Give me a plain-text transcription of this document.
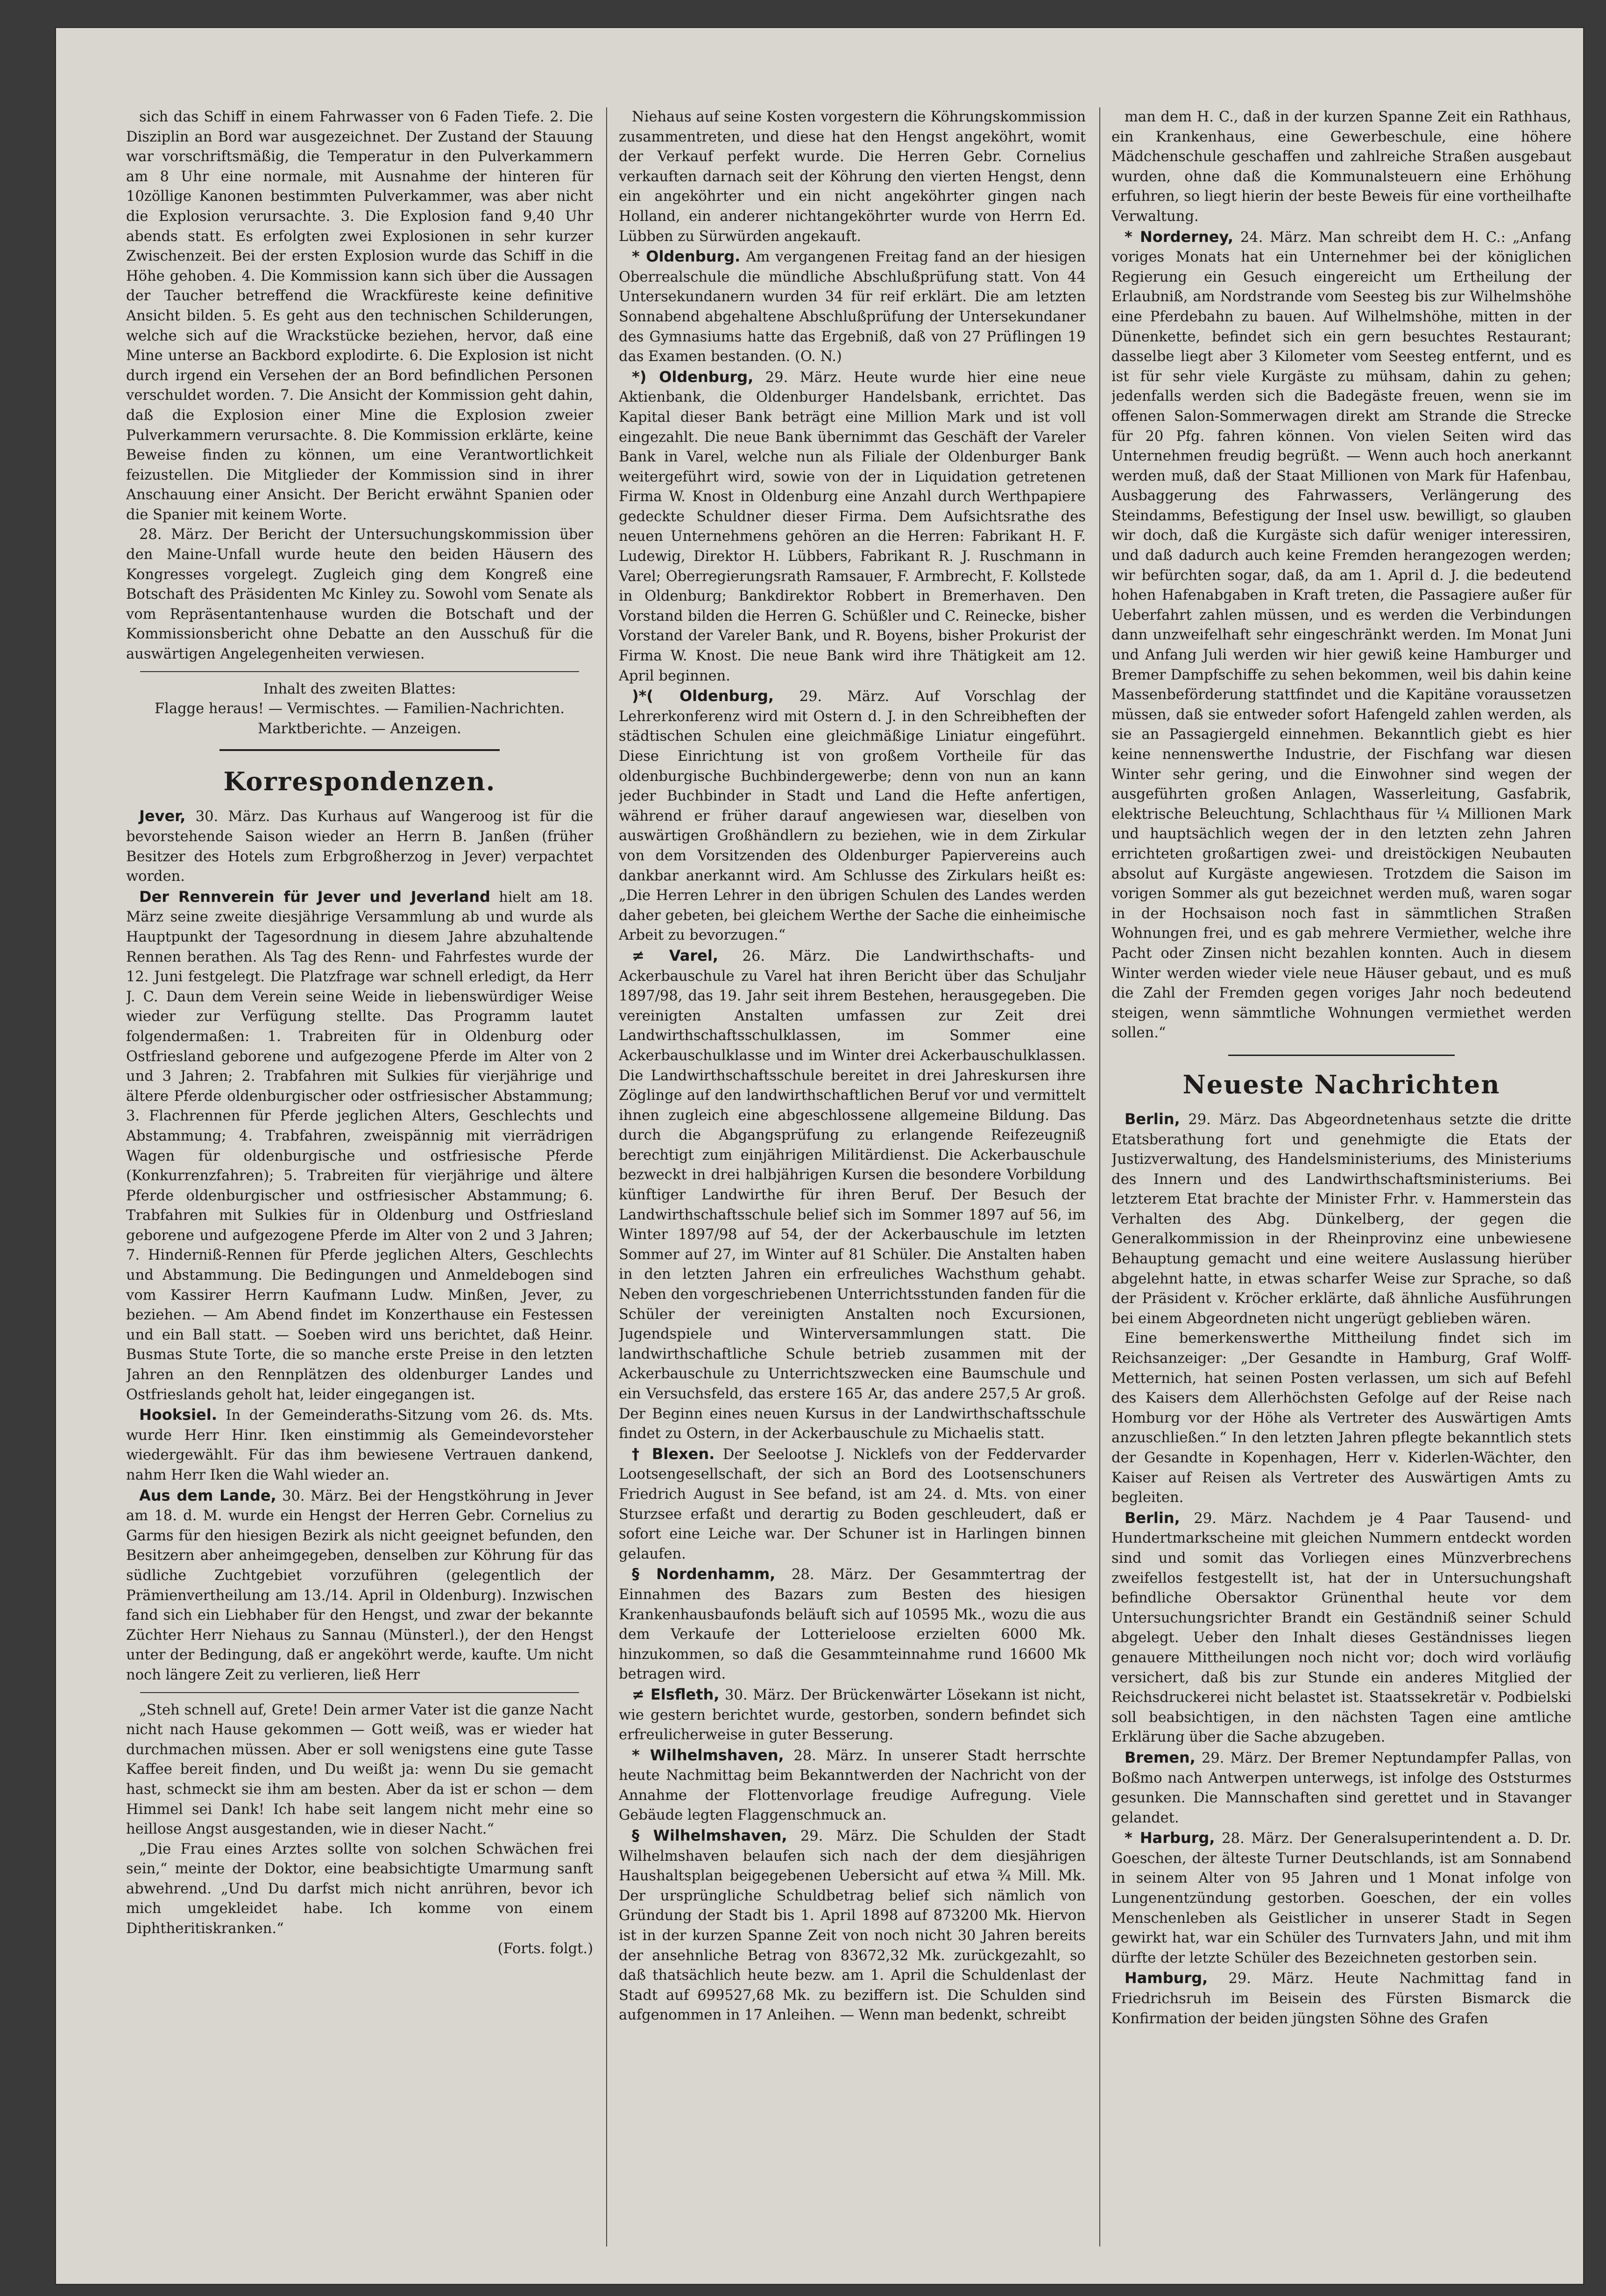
sich das Schiff in einem Fahrwasser von 6 Faden Tiefe. 2. Die Disziplin an Bord war ausgezeichnet. Der Zustand der Stauung war vorschriftsmäßig, die Temperatur in den Pulverkammern am 8 Uhr eine normale, mit Ausnahme der hinteren für 10zöllige Kanonen bestimmten Pulverkammer, was aber nicht die Explosion verursachte. 3. Die Explosion fand 9,40 Uhr abends statt. Es erfolgten zwei Explosionen in sehr kurzer Zwischenzeit. Bei der ersten Explosion wurde das Schiff in die Höhe gehoben. 4. Die Kommission kann sich über die Aussagen der Taucher betreffend die Wrackfüreste keine definitive Ansicht bilden. 5. Es geht aus den technischen Schilderungen, welche sich auf die Wrackstücke beziehen, hervor, daß eine Mine unterse an Backbord explodirte. 6. Die Explosion ist nicht durch irgend ein Versehen der an Bord befindlichen Personen verschuldet worden. 7. Die Ansicht der Kommission geht dahin, daß die Explosion einer Mine die Explosion zweier Pulverkammern verursachte. 8. Die Kommission erklärte, keine Beweise finden zu können, um eine Verantwortlichkeit feizustellen. Die Mitglieder der Kommission sind in ihrer Anschauung einer Ansicht. Der Bericht erwähnt Spanien oder die Spanier mit keinem Worte.

28. März. Der Bericht der Untersuchungskommission über den Maine-Unfall wurde heute den beiden Häusern des Kongresses vorgelegt. Zugleich ging dem Kongreß eine Botschaft des Präsidenten Mc Kinley zu. Sowohl vom Senate als vom Repräsentantenhause wurden die Botschaft und der Kommissionsbericht ohne Debatte an den Ausschuß für die auswärtigen Angelegenheiten verwiesen.

Inhalt des zweiten Blattes:

Flagge heraus! — Vermischtes. — Familien-Nachrichten. Marktberichte. — Anzeigen.

Korrespondenzen.

Jever, 30. März. Das Kurhaus auf Wangeroog ist für die bevorstehende Saison wieder an Herrn B. Janßen (früher Besitzer des Hotels zum Erbgroßherzog in Jever) verpachtet worden.

Der Rennverein für Jever und Jeverland hielt am 18. März seine zweite diesjährige Versammlung ab und wurde als Hauptpunkt der Tagesordnung in diesem Jahre abzuhaltende Rennen berathen. Als Tag des Renn- und Fahrfestes wurde der 12. Juni festgelegt. Die Platzfrage war schnell erledigt, da Herr J. C. Daun dem Verein seine Weide in liebenswürdiger Weise wieder zur Verfügung stellte. Das Programm lautet folgendermaßen: 1. Trabreiten für in Oldenburg oder Ostfriesland geborene und aufgezogene Pferde im Alter von 2 und 3 Jahren; 2. Trabfahren mit Sulkies für vierjährige und ältere Pferde oldenburgischer oder ostfriesischer Abstammung; 3. Flachrennen für Pferde jeglichen Alters, Geschlechts und Abstammung; 4. Trabfahren, zweispännig mit vierrädrigen Wagen für oldenburgische und ostfriesische Pferde (Konkurrenzfahren); 5. Trabreiten für vierjährige und ältere Pferde oldenburgischer und ostfriesischer Abstammung; 6. Trabfahren mit Sulkies für in Oldenburg und Ostfriesland geborene und aufgezogene Pferde im Alter von 2 und 3 Jahren; 7. Hinderniß-Rennen für Pferde jeglichen Alters, Geschlechts und Abstammung. Die Bedingungen und Anmeldebogen sind vom Kassirer Herrn Kaufmann Ludw. Minßen, Jever, zu beziehen. — Am Abend findet im Konzerthause ein Festessen und ein Ball statt. — Soeben wird uns berichtet, daß Heinr. Busmas Stute Torte, die so manche erste Preise in den letzten Jahren an den Rennplätzen des oldenburger Landes und Ostfrieslands geholt hat, leider eingegangen ist.

Hooksiel. In der Gemeinderaths-Sitzung vom 26. ds. Mts. wurde Herr Hinr. Iken einstimmig als Gemeindevorsteher wiedergewählt. Für das ihm bewiesene Vertrauen dankend, nahm Herr Iken die Wahl wieder an.

Aus dem Lande, 30. März. Bei der Hengstköhrung in Jever am 18. d. M. wurde ein Hengst der Herren Gebr. Cornelius zu Garms für den hiesigen Bezirk als nicht geeignet befunden, den Besitzern aber anheimgegeben, denselben zur Köhrung für das südliche Zuchtgebiet vorzuführen (gelegentlich der Prämienvertheilung am 13./14. April in Oldenburg). Inzwischen fand sich ein Liebhaber für den Hengst, und zwar der bekannte Züchter Herr Niehaus zu Sannau (Münsterl.), der den Hengst unter der Bedingung, daß er angeköhrt werde, kaufte. Um nicht noch längere Zeit zu verlieren, ließ Herr

„Steh schnell auf, Grete! Dein armer Vater ist die ganze Nacht nicht nach Hause gekommen — Gott weiß, was er wieder hat durchmachen müssen. Aber er soll wenigstens eine gute Tasse Kaffee bereit finden, und Du weißt ja: wenn Du sie gemacht hast, schmeckt sie ihm am besten. Aber da ist er schon — dem Himmel sei Dank! Ich habe seit langem nicht mehr eine so heillose Angst ausgestanden, wie in dieser Nacht.“

„Die Frau eines Arztes sollte von solchen Schwächen frei sein,“ meinte der Doktor, eine beabsichtigte Umarmung sanft abwehrend. „Und Du darfst mich nicht anrühren, bevor ich mich umgekleidet habe. Ich komme von einem Diphtheritiskranken.“

(Forts. folgt.)

Niehaus auf seine Kosten vorgestern die Köhrungskommission zusammentreten, und diese hat den Hengst angeköhrt, womit der Verkauf perfekt wurde. Die Herren Gebr. Cornelius verkauften darnach seit der Köhrung den vierten Hengst, denn ein angeköhrter und ein nicht angeköhrter gingen nach Holland, ein anderer nichtangeköhrter wurde von Herrn Ed. Lübben zu Sürwürden angekauft.

* Oldenburg. Am vergangenen Freitag fand an der hiesigen Oberrealschule die mündliche Abschlußprüfung statt. Von 44 Untersekundanern wurden 34 für reif erklärt. Die am letzten Sonnabend abgehaltene Abschlußprüfung der Untersekundaner des Gymnasiums hatte das Ergebniß, daß von 27 Prüflingen 19 das Examen bestanden. (O. N.)

*) Oldenburg, 29. März. Heute wurde hier eine neue Aktienbank, die Oldenburger Handelsbank, errichtet. Das Kapital dieser Bank beträgt eine Million Mark und ist voll eingezahlt. Die neue Bank übernimmt das Geschäft der Vareler Bank in Varel, welche nun als Filiale der Oldenburger Bank weitergeführt wird, sowie von der in Liquidation getretenen Firma W. Knost in Oldenburg eine Anzahl durch Werthpapiere gedeckte Schuldner dieser Firma. Dem Aufsichtsrathe des neuen Unternehmens gehören an die Herren: Fabrikant H. F. Ludewig, Direktor H. Lübbers, Fabrikant R. J. Ruschmann in Varel; Oberregierungsrath Ramsauer, F. Armbrecht, F. Kollstede in Oldenburg; Bankdirektor Robbert in Bremerhaven. Den Vorstand bilden die Herren G. Schüßler und C. Reinecke, bisher Vorstand der Vareler Bank, und R. Boyens, bisher Prokurist der Firma W. Knost. Die neue Bank wird ihre Thätigkeit am 12. April beginnen.

)*( Oldenburg, 29. März. Auf Vorschlag der Lehrerkonferenz wird mit Ostern d. J. in den Schreibheften der städtischen Schulen eine gleichmäßige Liniatur eingeführt. Diese Einrichtung ist von großem Vortheile für das oldenburgische Buchbindergewerbe; denn von nun an kann jeder Buchbinder in Stadt und Land die Hefte anfertigen, während er früher darauf angewiesen war, dieselben von auswärtigen Großhändlern zu beziehen, wie in dem Zirkular von dem Vorsitzenden des Oldenburger Papiervereins auch dankbar anerkannt wird. Am Schlusse des Zirkulars heißt es: „Die Herren Lehrer in den übrigen Schulen des Landes werden daher gebeten, bei gleichem Werthe der Sache die einheimische Arbeit zu bevorzugen.“

≠ Varel, 26. März. Die Landwirthschafts- und Ackerbauschule zu Varel hat ihren Bericht über das Schuljahr 1897/98, das 19. Jahr seit ihrem Bestehen, herausgegeben. Die vereinigten Anstalten umfassen zur Zeit drei Landwirthschaftsschulklassen, im Sommer eine Ackerbauschulklasse und im Winter drei Ackerbauschulklassen. Die Landwirthschaftsschule bereitet in drei Jahreskursen ihre Zöglinge auf den landwirthschaftlichen Beruf vor und vermittelt ihnen zugleich eine abgeschlossene allgemeine Bildung. Das durch die Abgangsprüfung zu erlangende Reifezeugniß berechtigt zum einjährigen Militärdienst. Die Ackerbauschule bezweckt in drei halbjährigen Kursen die besondere Vorbildung künftiger Landwirthe für ihren Beruf. Der Besuch der Landwirthschaftsschule belief sich im Sommer 1897 auf 56, im Winter 1897/98 auf 54, der der Ackerbauschule im letzten Sommer auf 27, im Winter auf 81 Schüler. Die Anstalten haben in den letzten Jahren ein erfreuliches Wachsthum gehabt. Neben den vorgeschriebenen Unterrichtsstunden fanden für die Schüler der vereinigten Anstalten noch Excursionen, Jugendspiele und Winterversammlungen statt. Die landwirthschaftliche Schule betrieb zusammen mit der Ackerbauschule zu Unterrichtszwecken eine Baumschule und ein Versuchsfeld, das erstere 165 Ar, das andere 257,5 Ar groß. Der Beginn eines neuen Kursus in der Landwirthschaftsschule findet zu Ostern, in der Ackerbauschule zu Michaelis statt.

† Blexen. Der Seelootse J. Nicklefs von der Feddervarder Lootsengesellschaft, der sich an Bord des Lootsenschuners Friedrich August in See befand, ist am 24. d. Mts. von einer Sturzsee erfaßt und derartig zu Boden geschleudert, daß er sofort eine Leiche war. Der Schuner ist in Harlingen binnen gelaufen.

§ Nordenhamm, 28. März. Der Gesammtertrag der Einnahmen des Bazars zum Besten des hiesigen Krankenhausbaufonds beläuft sich auf 10595 Mk., wozu die aus dem Verkaufe der Lotterieloose erzielten 6000 Mk. hinzukommen, so daß die Gesammteinnahme rund 16600 Mk betragen wird.

≠ Elsfleth, 30. März. Der Brückenwärter Lösekann ist nicht, wie gestern berichtet wurde, gestorben, sondern befindet sich erfreulicherweise in guter Besserung.

* Wilhelmshaven, 28. März. In unserer Stadt herrschte heute Nachmittag beim Bekanntwerden der Nachricht von der Annahme der Flottenvorlage freudige Aufregung. Viele Gebäude legten Flaggenschmuck an.

§ Wilhelmshaven, 29. März. Die Schulden der Stadt Wilhelmshaven belaufen sich nach der dem diesjährigen Haushaltsplan beigegebenen Uebersicht auf etwa ¾ Mill. Mk. Der ursprüngliche Schuldbetrag belief sich nämlich von Gründung der Stadt bis 1. April 1898 auf 873200 Mk. Hiervon ist in der kurzen Spanne Zeit von noch nicht 30 Jahren bereits der ansehnliche Betrag von 83672,32 Mk. zurückgezahlt, so daß thatsächlich heute bezw. am 1. April die Schuldenlast der Stadt auf 699527,68 Mk. zu beziffern ist. Die Schulden sind aufgenommen in 17 Anleihen. — Wenn man bedenkt, schreibt

man dem H. C., daß in der kurzen Spanne Zeit ein Rathhaus, ein Krankenhaus, eine Gewerbeschule, eine höhere Mädchenschule geschaffen und zahlreiche Straßen ausgebaut wurden, ohne daß die Kommunalsteuern eine Erhöhung erfuhren, so liegt hierin der beste Beweis für eine vortheilhafte Verwaltung.

* Norderney, 24. März. Man schreibt dem H. C.: „Anfang voriges Monats hat ein Unternehmer bei der königlichen Regierung ein Gesuch eingereicht um Ertheilung der Erlaubniß, am Nordstrande vom Seesteg bis zur Wilhelmshöhe eine Pferdebahn zu bauen. Auf Wilhelmshöhe, mitten in der Dünenkette, befindet sich ein gern besuchtes Restaurant; dasselbe liegt aber 3 Kilometer vom Seesteg entfernt, und es ist für sehr viele Kurgäste zu mühsam, dahin zu gehen; jedenfalls werden sich die Badegäste freuen, wenn sie im offenen Salon-Sommerwagen direkt am Strande die Strecke für 20 Pfg. fahren können. Von vielen Seiten wird das Unternehmen freudig begrüßt. — Wenn auch hoch anerkannt werden muß, daß der Staat Millionen von Mark für Hafenbau, Ausbaggerung des Fahrwassers, Verlängerung des Steindamms, Befestigung der Insel usw. bewilligt, so glauben wir doch, daß die Kurgäste sich dafür weniger interessiren, und daß dadurch auch keine Fremden herangezogen werden; wir befürchten sogar, daß, da am 1. April d. J. die bedeutend hohen Hafenabgaben in Kraft treten, die Passagiere außer für Ueberfahrt zahlen müssen, und es werden die Verbindungen dann unzweifelhaft sehr eingeschränkt werden. Im Monat Juni und Anfang Juli werden wir hier gewiß keine Hamburger und Bremer Dampfschiffe zu sehen bekommen, weil bis dahin keine Massenbeförderung stattfindet und die Kapitäne voraussetzen müssen, daß sie entweder sofort Hafengeld zahlen werden, als sie an Passagiergeld einnehmen. Bekanntlich giebt es hier keine nennenswerthe Industrie, der Fischfang war diesen Winter sehr gering, und die Einwohner sind wegen der ausgeführten großen Anlagen, Wasserleitung, Gasfabrik, elektrische Beleuchtung, Schlachthaus für ¼ Millionen Mark und hauptsächlich wegen der in den letzten zehn Jahren errichteten großartigen zwei- und dreistöckigen Neubauten absolut auf Kurgäste angewiesen. Trotzdem die Saison im vorigen Sommer als gut bezeichnet werden muß, waren sogar in der Hochsaison noch fast in sämmtlichen Straßen Wohnungen frei, und es gab mehrere Vermiether, welche ihre Pacht oder Zinsen nicht bezahlen konnten. Auch in diesem Winter werden wieder viele neue Häuser gebaut, und es muß die Zahl der Fremden gegen voriges Jahr noch bedeutend steigen, wenn sämmtliche Wohnungen vermiethet werden sollen.“

Neueste Nachrichten

Berlin, 29. März. Das Abgeordnetenhaus setzte die dritte Etatsberathung fort und genehmigte die Etats der Justizverwaltung, des Handelsministeriums, des Ministeriums des Innern und des Landwirthschaftsministeriums. Bei letzterem Etat brachte der Minister Frhr. v. Hammerstein das Verhalten des Abg. Dünkelberg, der gegen die Generalkommission in der Rheinprovinz eine unbewiesene Behauptung gemacht und eine weitere Auslassung hierüber abgelehnt hatte, in etwas scharfer Weise zur Sprache, so daß der Präsident v. Kröcher erklärte, daß ähnliche Ausführungen bei einem Abgeordneten nicht ungerügt geblieben wären.

Eine bemerkenswerthe Mittheilung findet sich im Reichsanzeiger: „Der Gesandte in Hamburg, Graf Wolff-Metternich, hat seinen Posten verlassen, um sich auf Befehl des Kaisers dem Allerhöchsten Gefolge auf der Reise nach Homburg vor der Höhe als Vertreter des Auswärtigen Amts anzuschließen.“ In den letzten Jahren pflegte bekanntlich stets der Gesandte in Kopenhagen, Herr v. Kiderlen-Wächter, den Kaiser auf Reisen als Vertreter des Auswärtigen Amts zu begleiten.

Berlin, 29. März. Nachdem je 4 Paar Tausend- und Hundertmarkscheine mit gleichen Nummern entdeckt worden sind und somit das Vorliegen eines Münzverbrechens zweifellos festgestellt ist, hat der in Untersuchungshaft befindliche Obersaktor Grünenthal heute vor dem Untersuchungsrichter Brandt ein Geständniß seiner Schuld abgelegt. Ueber den Inhalt dieses Geständnisses liegen genauere Mittheilungen noch nicht vor; doch wird vorläufig versichert, daß bis zur Stunde ein anderes Mitglied der Reichsdruckerei nicht belastet ist. Staatssekretär v. Podbielski soll beabsichtigen, in den nächsten Tagen eine amtliche Erklärung über die Sache abzugeben.

Bremen, 29. März. Der Bremer Neptundampfer Pallas, von Boßmo nach Antwerpen unterwegs, ist infolge des Oststurmes gesunken. Die Mannschaften sind gerettet und in Stavanger gelandet.

* Harburg, 28. März. Der Generalsuperintendent a. D. Dr. Goeschen, der älteste Turner Deutschlands, ist am Sonnabend in seinem Alter von 95 Jahren und 1 Monat infolge von Lungenentzündung gestorben. Goeschen, der ein volles Menschenleben als Geistlicher in unserer Stadt in Segen gewirkt hat, war ein Schüler des Turnvaters Jahn, und mit ihm dürfte der letzte Schüler des Bezeichneten gestorben sein.

Hamburg, 29. März. Heute Nachmittag fand in Friedrichsruh im Beisein des Fürsten Bismarck die Konfirmation der beiden jüngsten Söhne des Grafen
